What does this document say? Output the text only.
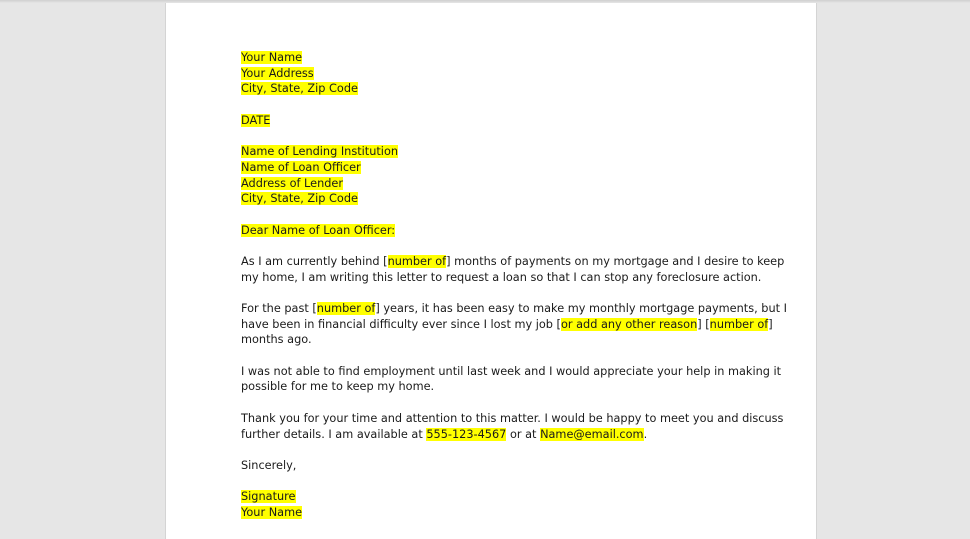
Your Name
Your Address
City, State, Zip Code
DATE
Name of Lending Institution
Name of Loan Officer
Address of Lender
City, State, Zip Code
Dear Name of Loan Officer:
As I am currently behind [number of] months of payments on my mortgage and I desire to keep
my home, I am writing this letter to request a loan so that I can stop any foreclosure action.
For the past [number of] years, it has been easy to make my monthly mortgage payments, but I
have been in financial difficulty ever since I lost my job [or add any other reason] [number of]
months ago.
I was not able to find employment until last week and I would appreciate your help in making it
possible for me to keep my home.
Thank you for your time and attention to this matter. I would be happy to meet you and discuss
further details. I am available at 555-123-4567 or at Name@email.com.
Sincerely,
Signature
Your Name
